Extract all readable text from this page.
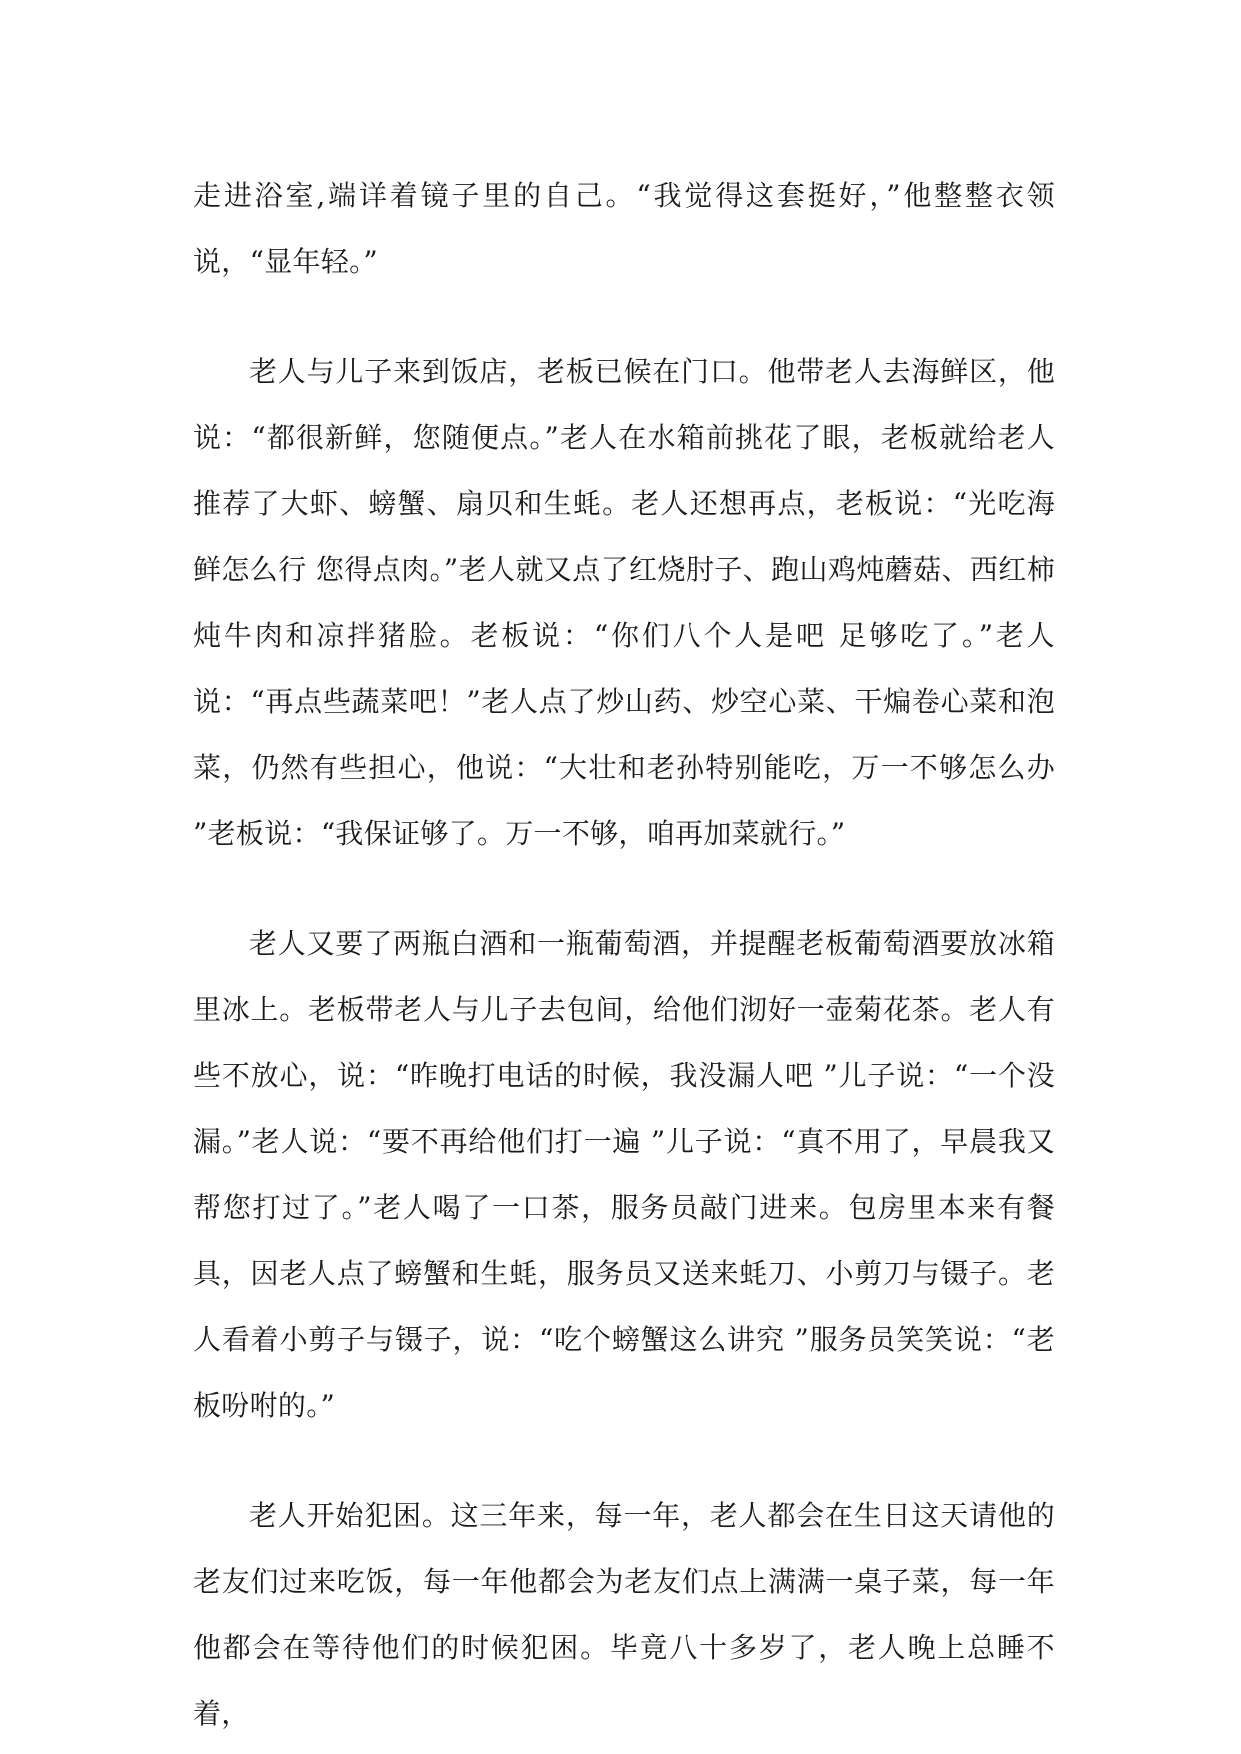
走进浴室,端详着镜子里的自己。“我觉得这套挺好，”他整整衣领说，“显年轻。”

老人与儿子来到饭店，老板已候在门口。他带老人去海鲜区，他说：“都很新鲜，您随便点。”老人在水箱前挑花了眼，老板就给老人推荐了大虾、螃蟹、扇贝和生蚝。老人还想再点，老板说：“光吃海鲜怎么行 您得点肉。”老人就又点了红烧肘子、跑山鸡炖蘑菇、西红柿炖牛肉和凉拌猪脸。老板说：“你们八个人是吧 足够吃了。”老人说：“再点些蔬菜吧！”老人点了炒山药、炒空心菜、干煸卷心菜和泡菜，仍然有些担心，他说：“大壮和老孙特别能吃，万一不够怎么办 ”老板说：“我保证够了。万一不够，咱再加菜就行。”

老人又要了两瓶白酒和一瓶葡萄酒，并提醒老板葡萄酒要放冰箱里冰上。老板带老人与儿子去包间，给他们沏好一壶菊花茶。老人有些不放心，说：“昨晚打电话的时候，我没漏人吧 ”儿子说：“一个没漏。”老人说：“要不再给他们打一遍 ”儿子说：“真不用了，早晨我又帮您打过了。”老人喝了一口茶，服务员敲门进来。包房里本来有餐具，因老人点了螃蟹和生蚝，服务员又送来蚝刀、小剪刀与镊子。老人看着小剪子与镊子，说：“吃个螃蟹这么讲究 ”服务员笑笑说：“老板吩咐的。”

老人开始犯困。这三年来，每一年，老人都会在生日这天请他的老友们过来吃饭，每一年他都会为老友们点上满满一桌子菜，每一年他都会在等待他们的时候犯困。毕竟八十多岁了，老人晚上总睡不着，
